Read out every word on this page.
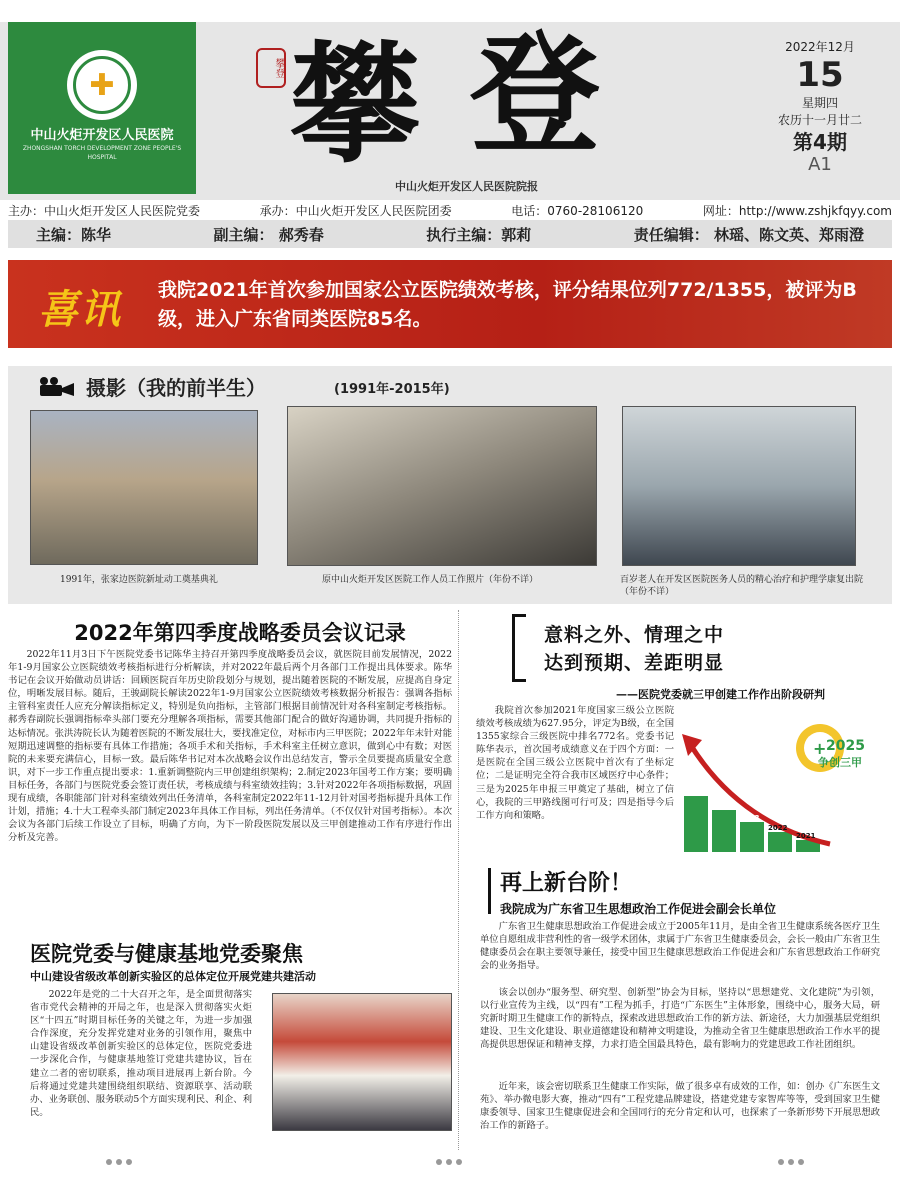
✚
中山火炬开发区人民医院
ZHONGSHAN TORCH DEVELOPMENT ZONE PEOPLE'S HOSPITAL
攀登 攀 登
中山火炬开发区人民医院院报
2022年12月
15
星期四
农历十一月廿二
第4期
A1
主办：中山火炬开发区人民医院党委	承办：中山火炬开发区人民医院团委	电话：0760-28106120	网址：http://www.zshjkfqyy.com
主编：陈华	副主编： 郝秀春	执行主编：郭莉	责任编辑： 林瑶、陈文英、郑雨澄
喜讯 我院2021年首次参加国家公立医院绩效考核，评分结果位列772/1355，被评为B级，进入广东省同类医院85名。
摄影（我的前半生）	(1991年-2015年)
1991年，张家边医院新址动工奠基典礼	原中山火炬开发区医院工作人员工作照片（年份不详）	百岁老人在开发区医院医务人员的精心治疗和护理学康复出院（年份不详）
2022年第四季度战略委员会议记录
2022年11月3日下午医院党委书记陈华主持召开第四季度战略委员会议，就医院目前发展情况，2022年1-9月国家公立医院绩效考核指标进行分析解读，并对2022年最后两个月各部门工作提出具体要求。陈华书记在会议开始做动员讲话：回顾医院百年历史阶段划分与规划，提出随着医院的不断发展，应提高自身定位，明晰发展目标。随后，王骏副院长解读2022年1-9月国家公立医院绩效考核数据分析报告：强调各指标主管科室责任人应充分解读指标定义，特别是负向指标，主管部门根据目前情况针对各科室制定考核指标。郝秀春副院长强调指标牵头部门要充分理解各项指标，需要其他部门配合的做好沟通协调，共同提升指标的达标情况。张洪涛院长认为随着医院的不断发展壮大，要找准定位，对标市内三甲医院；2022年年末针对能短期迅速调整的指标要有具体工作措施；各项手术和关指标，手术科室主任树立意识，做到心中有数；对医院的未来要充满信心，目标一致。最后陈华书记对本次战略会议作出总结发言，警示全员要提高质量安全意识，对下一步工作重点提出要求：1.重新调整院内三甲创建组织架构；2.制定2023年国考工作方案；要明确目标任务，各部门与医院党委会签订责任状，考核成绩与科室绩效挂钩；3.针对2022年各项指标数据，巩固现有成绩，各职能部门针对科室绩效列出任务清单，各科室制定2022年11-12月针对国考指标提升具体工作计划，措施；4.十大工程牵头部门制定2023年具体工作目标，列出任务清单。（不仅仅针对国考指标）。本次会议为各部门后续工作设立了目标，明确了方向，为下一阶段医院发展以及三甲创建推动工作有序进行作出分析及完善。
医院党委与健康基地党委聚焦
中山建设省级改革创新实验区的总体定位开展党建共建活动
2022年是党的二十大召开之年，是全面贯彻落实省市党代会精神的开局之年，也是深入贯彻落实火炬区“十四五”时期目标任务的关键之年，为进一步加强合作深度，充分发挥党建对业务的引领作用，聚焦中山建设省级改革创新实验区的总体定位，医院党委进一步深化合作，与健康基地签订党建共建协议，旨在建立二者的密切联系，推动项目进展再上新台阶。今后将通过党建共建围绕组织联结、资源联享、活动联办、业务联创、服务联动5个方面实现利民、利企、利民。
意料之外、情理之中
达到预期、差距明显
——医院党委就三甲创建工作作出阶段研判
我院首次参加2021年度国家三级公立医院绩效考核成绩为627.95分，评定为B级，在全国1355家综合三级医院中排名772名。党委书记陈华表示，首次国考成绩意义在于四个方面：一是医院在全国三级公立医院中首次有了坐标定位；二是证明完全符合我市区域医疗中心条件；三是为2025年申报三甲奠定了基础，树立了信心，我院的三甲路线图可行可及；四是指导今后工作方向和策略。
+
2025
2024
2023
2022
2021
2025
争创三甲
再上新台阶！
我院成为广东省卫生思想政治工作促进会副会长单位
广东省卫生健康思想政治工作促进会成立于2005年11月，是由全省卫生健康系统各医疗卫生单位自愿组成非营利性的省一级学术团体，隶属于广东省卫生健康委员会，会长一般由广东省卫生健康委员会在职主要领导兼任，接受中国卫生健康思想政治工作促进会和广东省思想政治工作研究会的业务指导。
该会以创办“服务型、研究型、创新型”协会为目标，坚持以“思想建党、文化建院”为引领，以行业宣传为主线，以“四有”工程为抓手，打造“广东医生”主体形象，围绕中心，服务大局，研究新时期卫生健康工作的新特点，探索改进思想政治工作的新方法、新途径，大力加强基层党组织建设、卫生文化建设、职业道德建设和精神文明建设，为推动全省卫生健康思想政治工作水平的提高提供思想保证和精神支撑，力求打造全国最具特色，最有影响力的党建思政工作社团组织。
近年来，该会密切联系卫生健康工作实际，做了很多卓有成效的工作，如：创办《广东医生文苑》、举办微电影大赛，推动“四有”工程党建品牌建设，搭建党建专家智库等等，受到国家卫生健康委领导、国家卫生健康促进会和全国同行的充分肯定和认可，也探索了一条新形势下开展思想政治工作的新路子。
